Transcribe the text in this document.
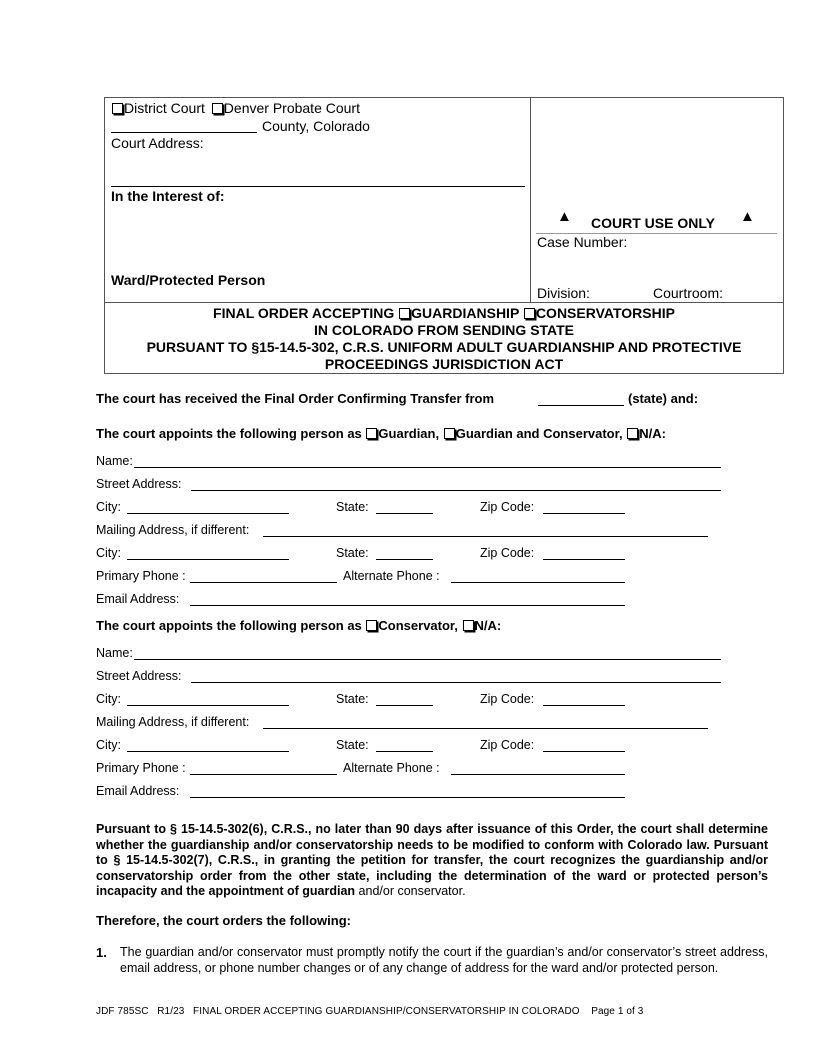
District Court Denver Probate Court
County, Colorado
Court Address:
In the Interest of:
Ward/Protected Person
▲ COURT USE ONLY ▲
Case Number:
Division:	Courtroom:
FINAL ORDER ACCEPTING GUARDIANSHIP CONSERVATORSHIP
IN COLORADO FROM SENDING STATE
PURSUANT TO §15-14.5-302, C.R.S. UNIFORM ADULT GUARDIANSHIP AND PROTECTIVE
PROCEEDINGS JURISDICTION ACT
The court has received the Final Order Confirming Transfer from	(state) and:
The court appoints the following person as Guardian, Guardian and Conservator, N/A:
Name:
Street Address:
City:	State:	Zip Code:
Mailing Address, if different:
City:	State:	Zip Code:
Primary Phone :	Alternate Phone :
Email Address:
The court appoints the following person as Conservator, N/A:
Name:
Street Address:
City:	State:	Zip Code:
Mailing Address, if different:
City:	State:	Zip Code:
Primary Phone :	Alternate Phone :
Email Address:
Pursuant to § 15-14.5-302(6), C.R.S., no later than 90 days after issuance of this Order, the court shall determine whether the guardianship and/or conservatorship needs to be modified to conform with Colorado law. Pursuant to § 15-14.5-302(7), C.R.S., in granting the petition for transfer, the court recognizes the guardianship and/or conservatorship order from the other state, including the determination of the ward or protected person’s incapacity and the appointment of guardian and/or conservator.
Therefore, the court orders the following:
1. The guardian and/or conservator must promptly notify the court if the guardian’s and/or conservator’s street address, email address, or phone number changes or of any change of address for the ward and/or protected person.
JDF 785SC   R1/23   FINAL ORDER ACCEPTING GUARDIANSHIP/CONSERVATORSHIP IN COLORADO    Page 1 of 3
